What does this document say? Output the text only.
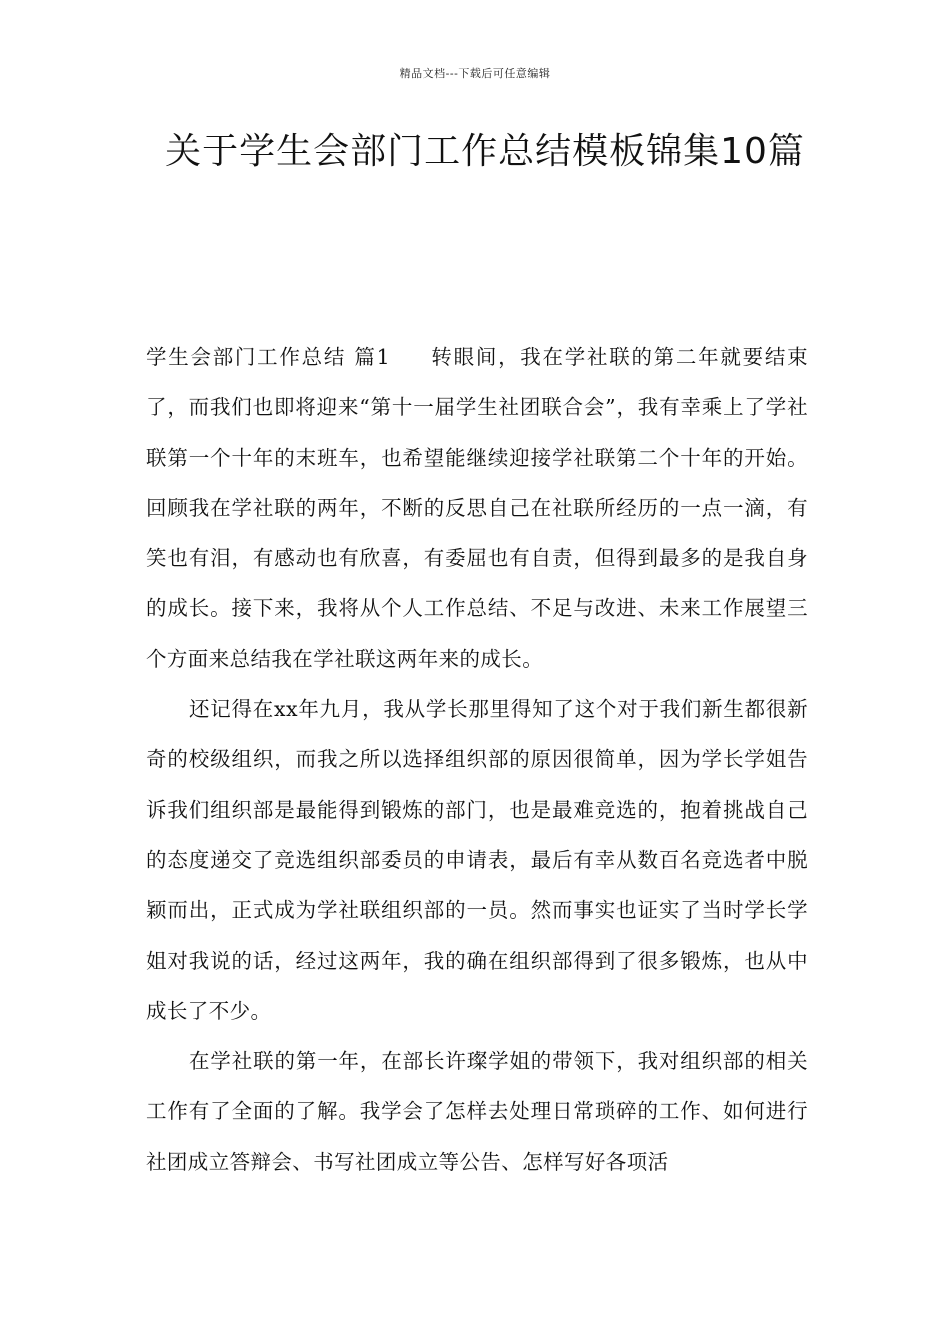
精品文档---下载后可任意编辑
关于学生会部门工作总结模板锦集10篇

学生会部门工作总结 篇1 转眼间，我在学社联的第二年就要结束了，而我们也即将迎来“第十一届学生社团联合会”，我有幸乘上了学社联第一个十年的末班车，也希望能继续迎接学社联第二个十年的开始。回顾我在学社联的两年，不断的反思自己在社联所经历的一点一滴，有笑也有泪，有感动也有欣喜，有委屈也有自责，但得到最多的是我自身的成长。接下来，我将从个人工作总结、不足与改进、未来工作展望三个方面来总结我在学社联这两年来的成长。

还记得在xx年九月，我从学长那里得知了这个对于我们新生都很新奇的校级组织，而我之所以选择组织部的原因很简单，因为学长学姐告诉我们组织部是最能得到锻炼的部门，也是最难竞选的，抱着挑战自己的态度递交了竞选组织部委员的申请表，最后有幸从数百名竞选者中脱颖而出，正式成为学社联组织部的一员。然而事实也证实了当时学长学姐对我说的话，经过这两年，我的确在组织部得到了很多锻炼，也从中成长了不少。

在学社联的第一年，在部长许璨学姐的带领下，我对组织部的相关工作有了全面的了解。我学会了怎样去处理日常琐碎的工作、如何进行社团成立答辩会、书写社团成立等公告、怎样写好各项活
